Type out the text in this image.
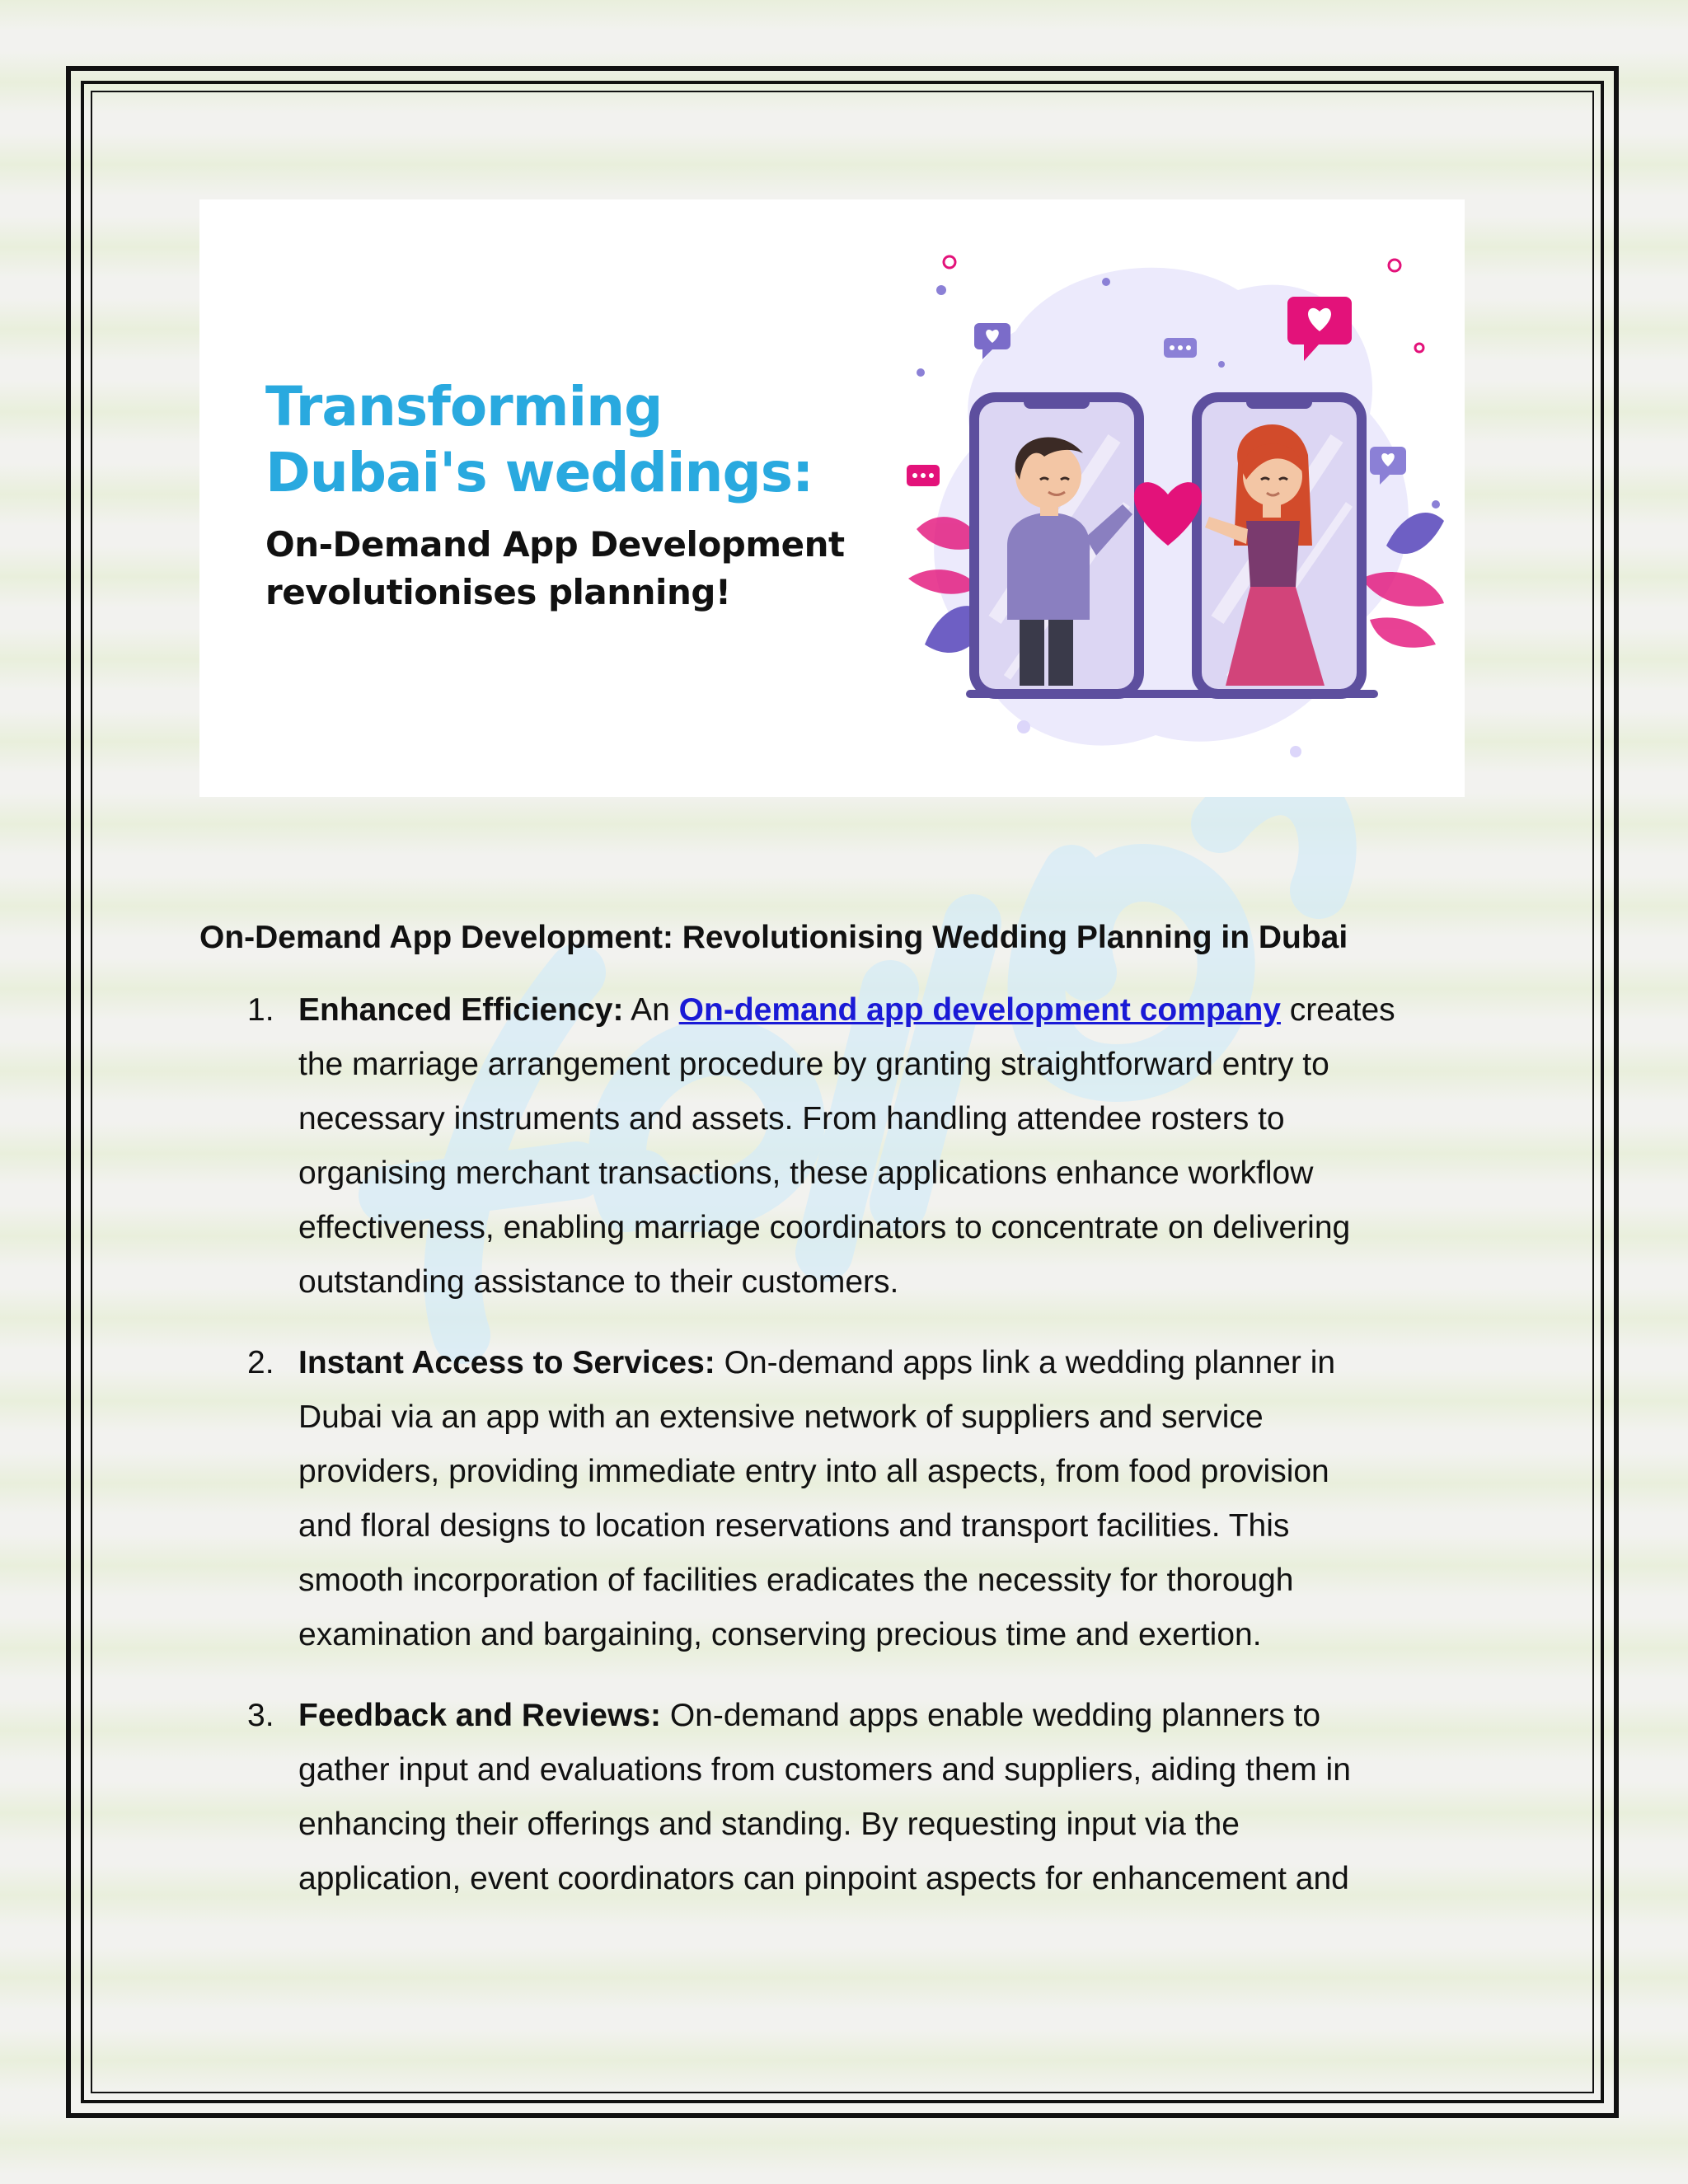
Transforming
Dubai's weddings:
On-Demand App Development
revolutionises planning!
On-Demand App Development: Revolutionising Wedding Planning in Dubai
1. Enhanced Efficiency: An On-demand app development company creates
the marriage arrangement procedure by granting straightforward entry to
necessary instruments and assets. From handling attendee rosters to
organising merchant transactions, these applications enhance workflow
effectiveness, enabling marriage coordinators to concentrate on delivering
outstanding assistance to their customers.
2. Instant Access to Services: On-demand apps link a wedding planner in
Dubai via an app with an extensive network of suppliers and service
providers, providing immediate entry into all aspects, from food provision
and floral designs to location reservations and transport facilities. This
smooth incorporation of facilities eradicates the necessity for thorough
examination and bargaining, conserving precious time and exertion.
3. Feedback and Reviews: On-demand apps enable wedding planners to
gather input and evaluations from customers and suppliers, aiding them in
enhancing their offerings and standing. By requesting input via the
application, event coordinators can pinpoint aspects for enhancement and
